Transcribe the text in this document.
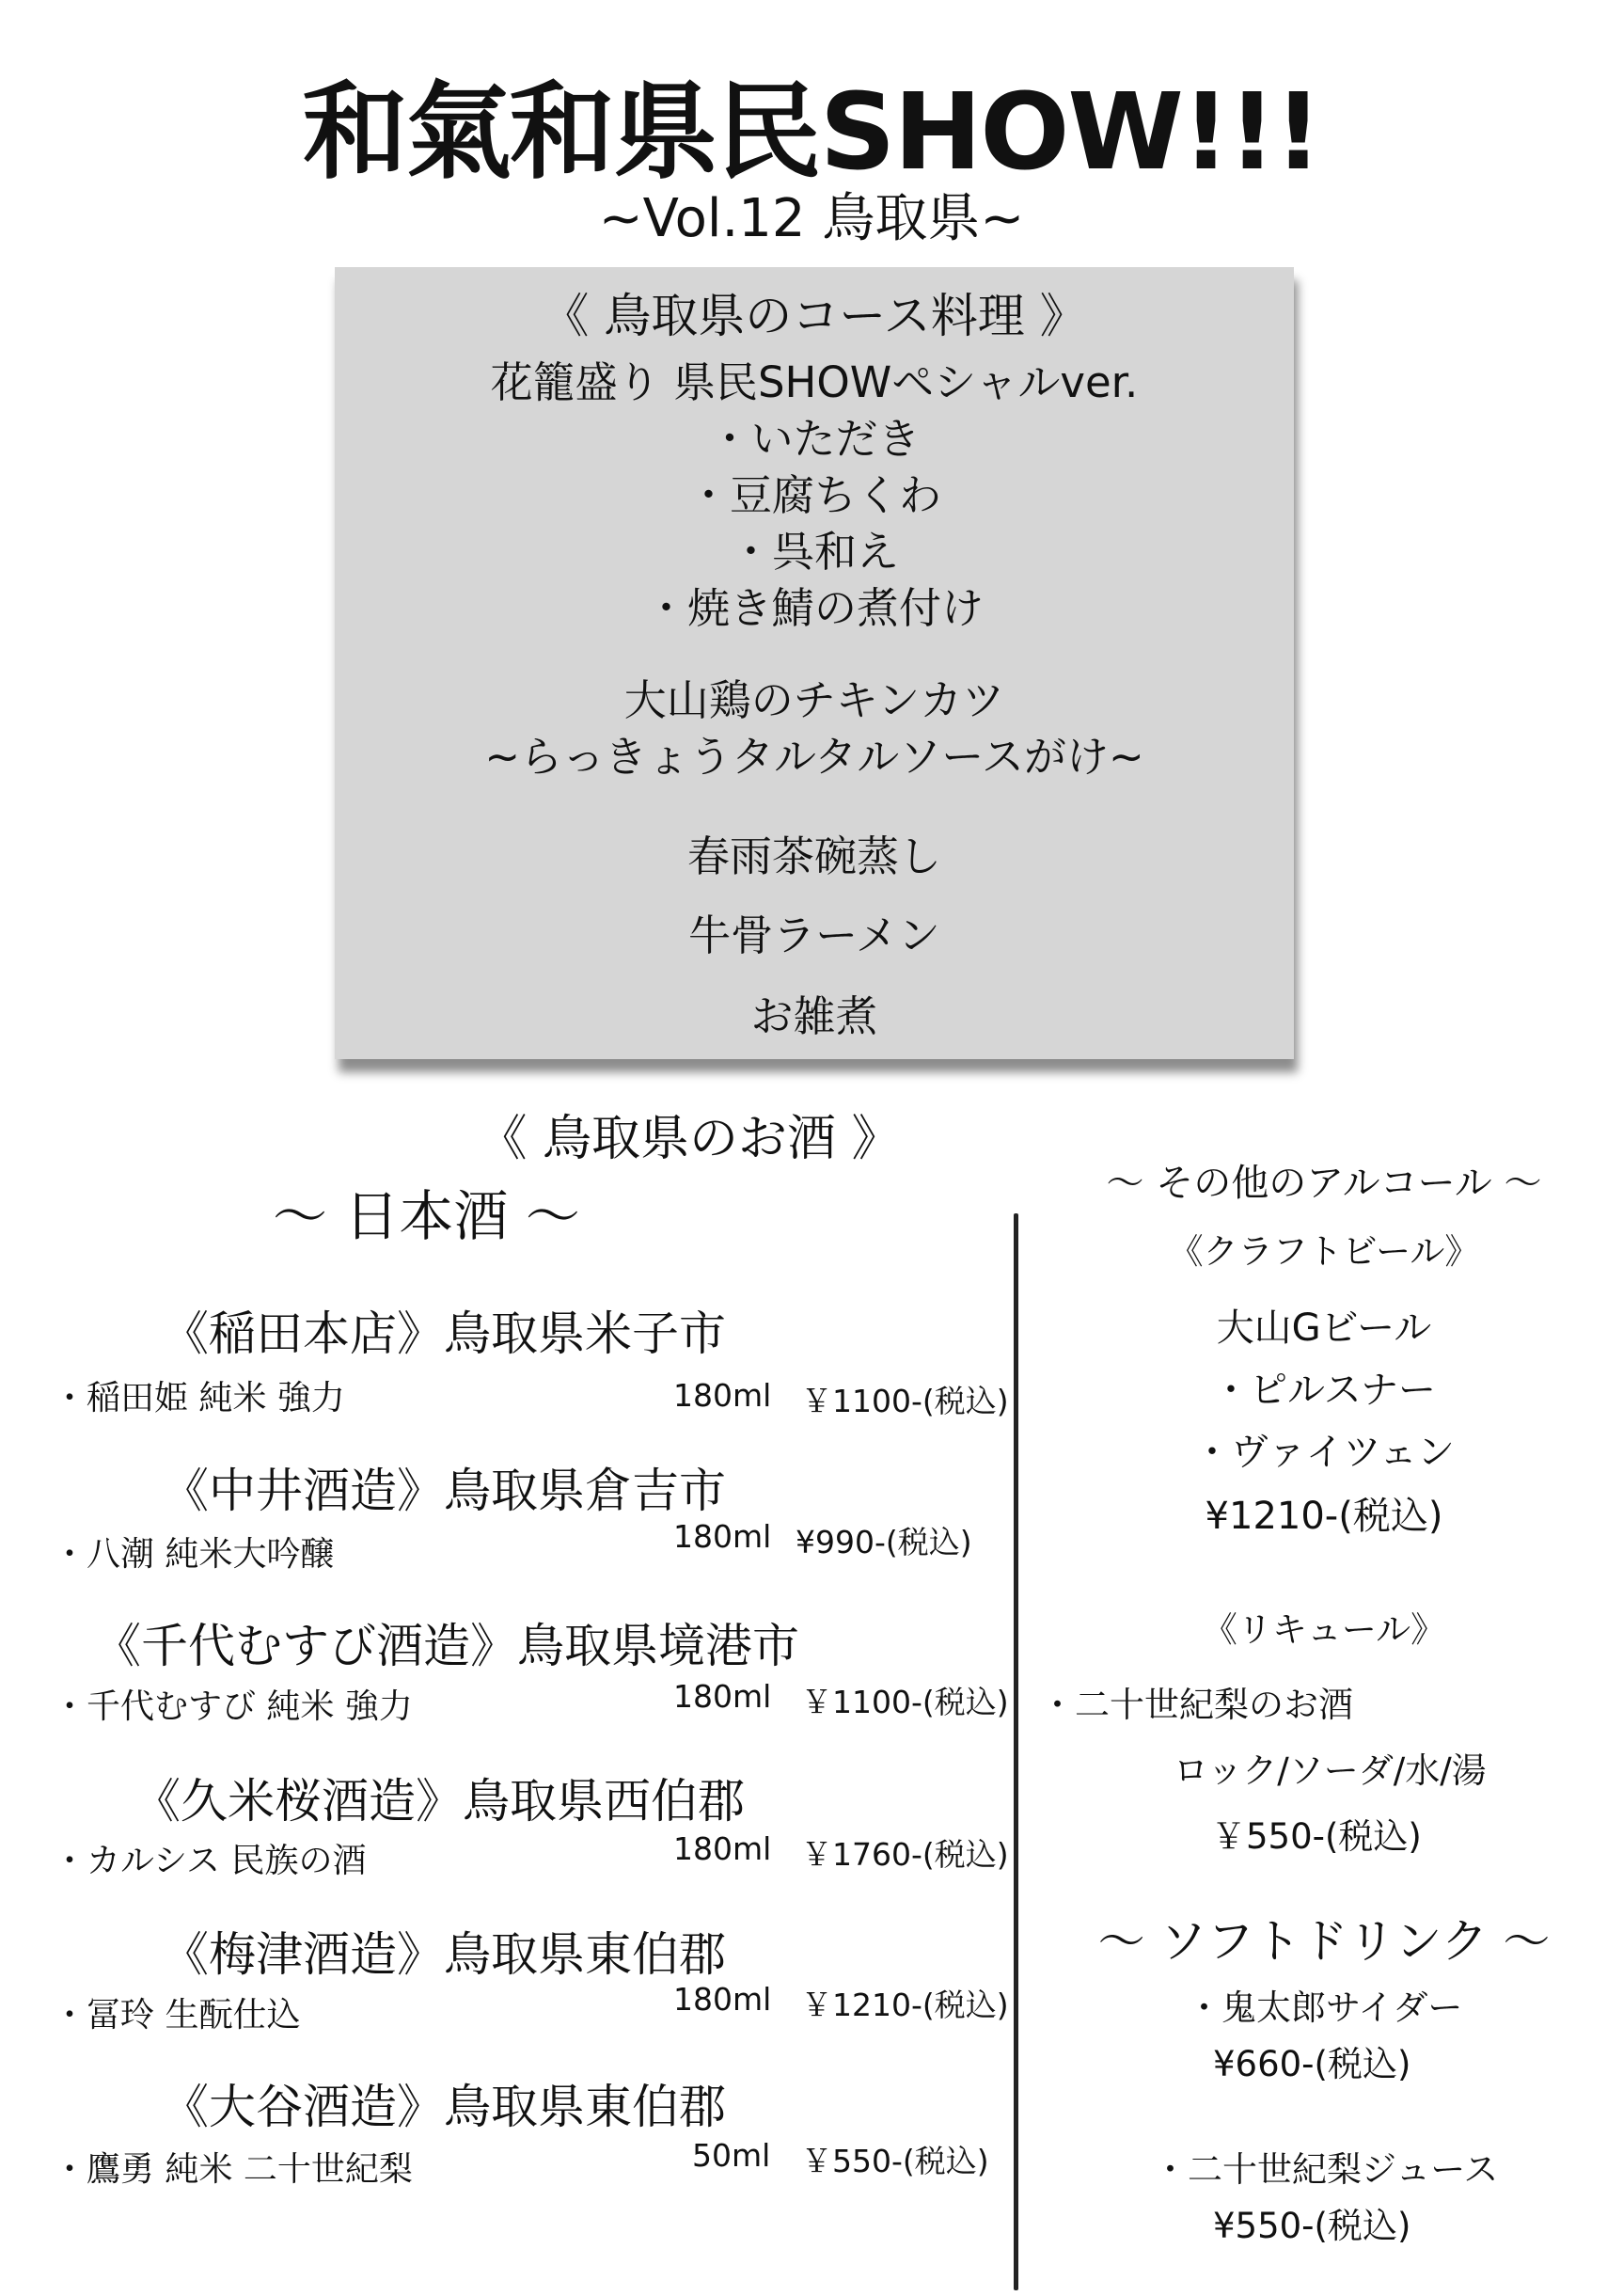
和氣和県民SHOW!!!
~Vol.12 鳥取県~
《 鳥取県のコース料理 》
花籠盛り 県民SHOWペシャルver.
・いただき
・豆腐ちくわ
・呉和え
・焼き鯖の煮付け
大山鶏のチキンカツ
~らっきょうタルタルソースがけ~
春雨茶碗蒸し
牛骨ラーメン
お雑煮
《 鳥取県のお酒 》
〜 日本酒 〜
《稲田本店》鳥取県米子市
・稲田姫 純米 強力	180ml ￥1100-(税込)
《中井酒造》鳥取県倉吉市
・八潮 純米大吟醸	180ml ¥990-(税込)
《千代むすび酒造》鳥取県境港市
・千代むすび 純米 強力	180ml ￥1100-(税込)
《久米桜酒造》鳥取県西伯郡
・カルシス 民族の酒	180ml ￥1760-(税込)
《梅津酒造》鳥取県東伯郡
・冨玲 生酛仕込	180ml ￥1210-(税込)
《大谷酒造》鳥取県東伯郡
・鷹勇 純米 二十世紀梨	50ml ￥550-(税込)
〜 その他のアルコール 〜
《クラフトビール》
大山Gビール
・ピルスナー
・ヴァイツェン
¥1210-(税込)
《リキュール》
・二十世紀梨のお酒
ロック/ソーダ/水/湯
￥550-(税込)
〜 ソフトドリンク 〜
・鬼太郎サイダー
¥660-(税込)
・二十世紀梨ジュース
¥550-(税込)
